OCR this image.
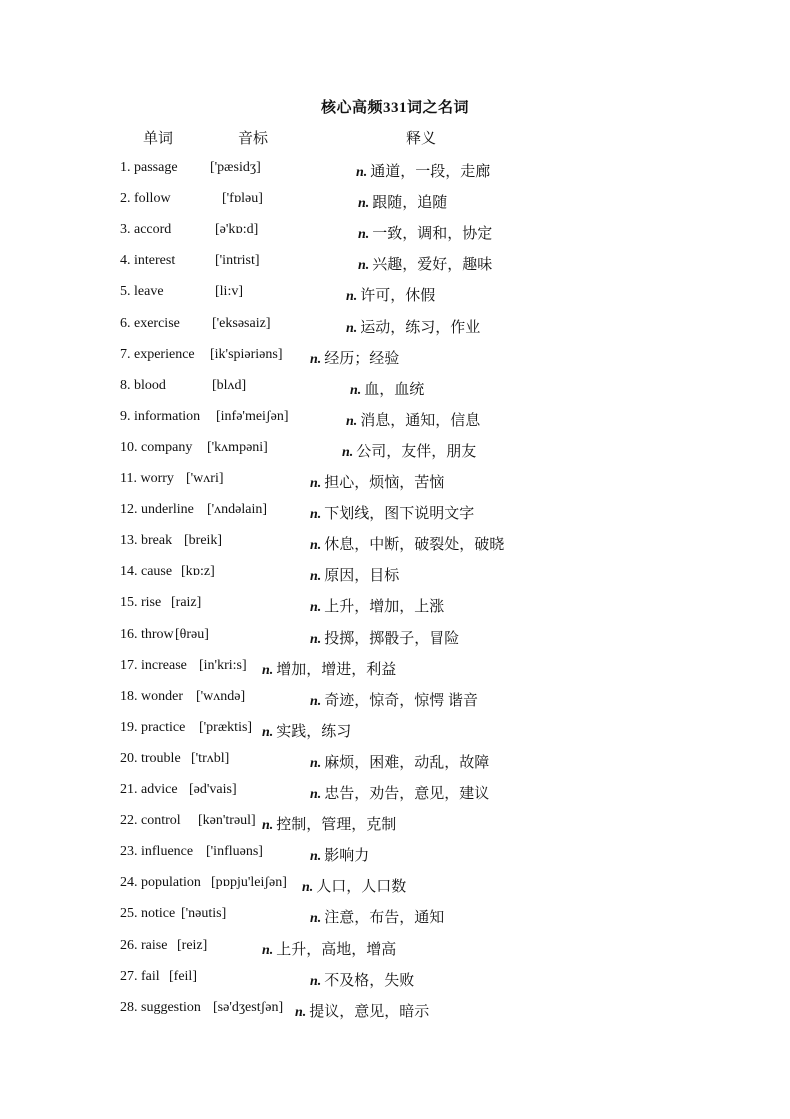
核心高频331词之名词
单词	音标	释义
1. passage ['pæsidʒ]	n. 通道，一段，走廊
2. follow	['fɒləu]	n. 跟随，追随
3. accord	[ə'kɒ:d]	n. 一致，调和，协定
4. interest	['intrist]	n. 兴趣，爱好，趣味
5. leave	[li:v]	n. 许可，休假
6. exercise ['eksəsaiz]	n. 运动，练习，作业
7. experience [ik'spiəriəns] n. 经历；经验
8. blood	[blʌd]	n. 血，血统
9. information [infə'meiʃən]	n. 消息，通知，信息
10. company ['kʌmpəni]	n. 公司，友伴，朋友
11. worry ['wʌri]	n. 担心，烦恼，苦恼
12. underline ['ʌndəlain]	n. 下划线，图下说明文字
13. break [breik]	n. 休息，中断，破裂处，破晓
14. cause [kɒ:z]	n. 原因，目标
15. rise [raiz]	n. 上升，增加，上涨
16. throw [θrəu]	n. 投掷，掷骰子，冒险
17. increase [in'kri:s] n. 增加，增进，利益
18. wonder ['wʌndə]	n. 奇迹，惊奇，惊愕 谐音
19. practice ['præktis] n. 实践，练习
20. trouble ['trʌbl]	n. 麻烦，困难，动乱，故障
21. advice [əd'vais]	n. 忠告，劝告，意见，建议
22. control [kən'trəul] n. 控制，管理，克制
23. influence ['influəns]	n. 影响力
24. population [pɒpju'leiʃən] n. 人口，人口数
25. notice ['nəutis]	n. 注意，布告，通知
26. raise [reiz]	n. 上升，高地，增高
27. fail [feil]	n. 不及格，失败
28. suggestion [sə'dʒestʃən] n. 提议，意见，暗示
